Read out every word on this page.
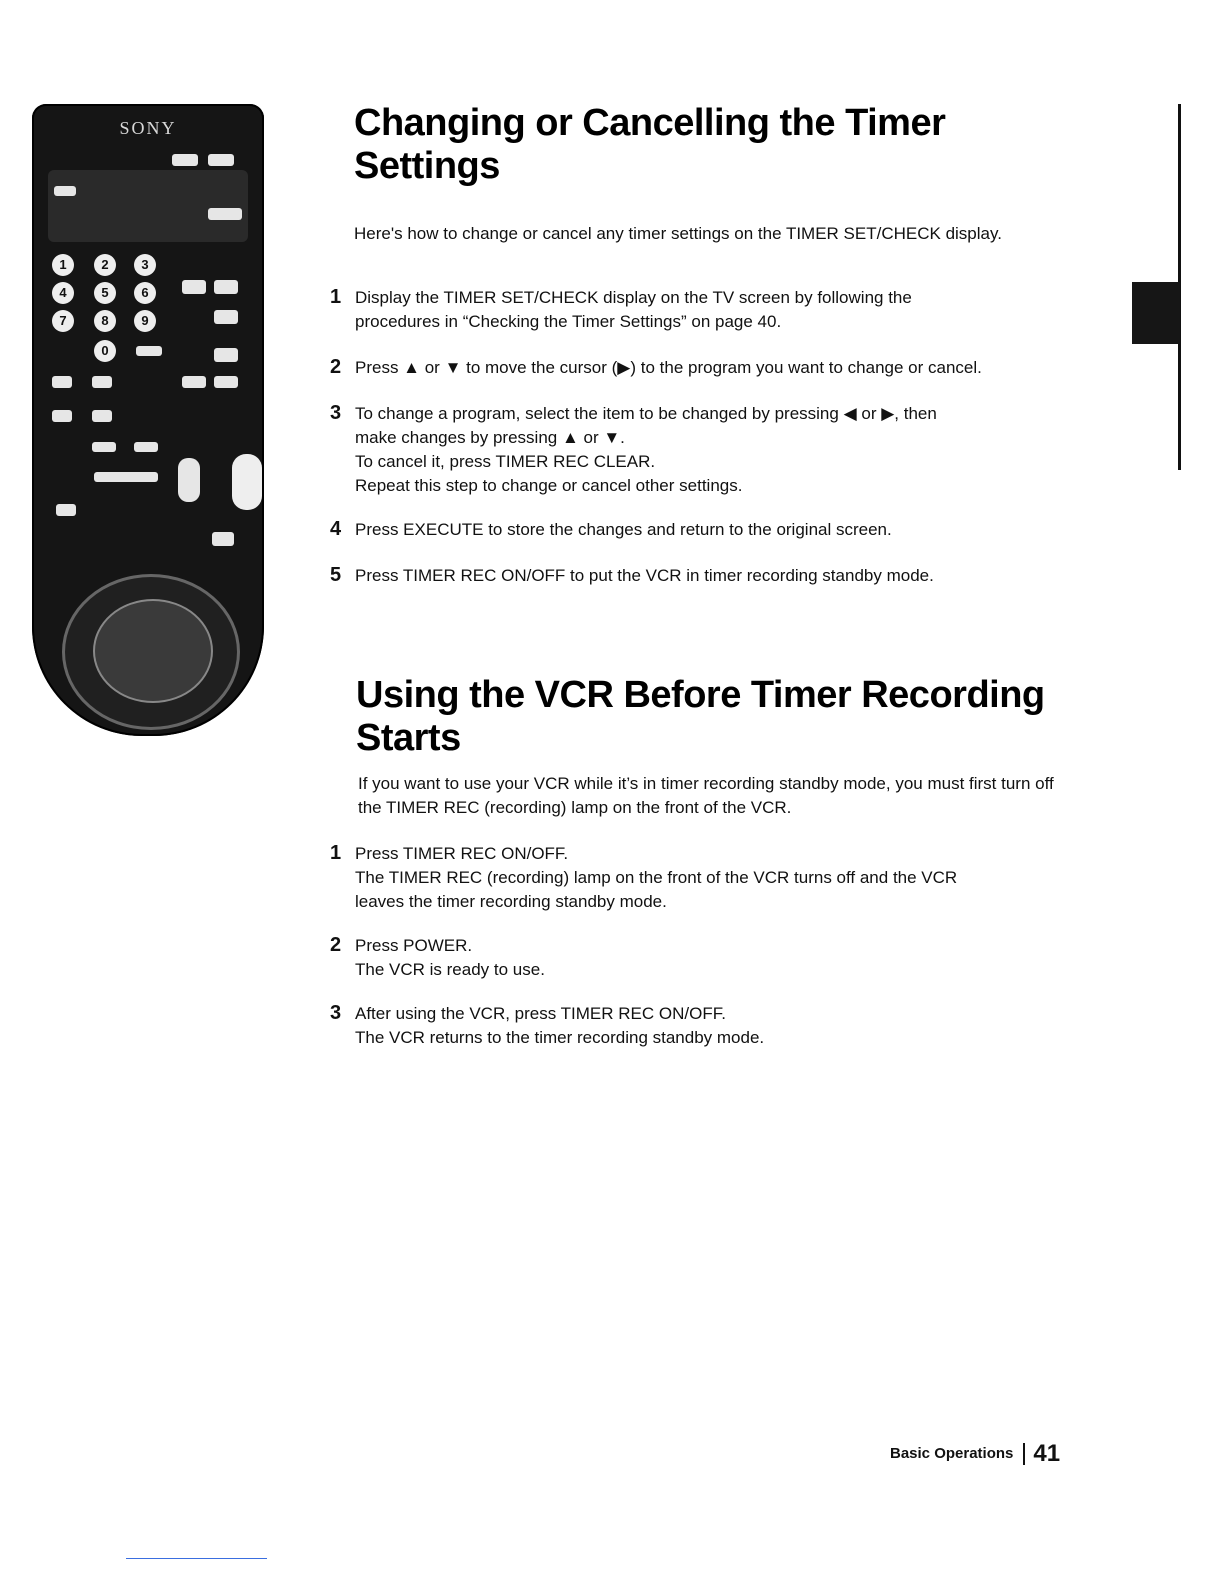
SONY
1	2	3
4	5	6
7	8	9
0
Changing or Cancelling the Timer
Settings

Here's how to change or cancel any timer settings on the TIMER SET/CHECK display.

1 Display the TIMER SET/CHECK display on the TV screen by following the
procedures in “Checking the Timer Settings” on page 40.
2 Press ▲ or ▼ to move the cursor (▶) to the program you want to change or cancel.
3 To change a program, select the item to be changed by pressing ◀ or ▶, then
make changes by pressing ▲ or ▼.
To cancel it, press TIMER REC CLEAR.
Repeat this step to change or cancel other settings.
4 Press EXECUTE to store the changes and return to the original screen.
5 Press TIMER REC ON/OFF to put the VCR in timer recording standby mode.
Using the VCR Before Timer Recording
Starts

If you want to use your VCR while it’s in timer recording standby mode, you must first turn off the TIMER REC (recording) lamp on the front of the VCR.

1 Press TIMER REC ON/OFF.
The TIMER REC (recording) lamp on the front of the VCR turns off and the VCR
leaves the timer recording standby mode.
2 Press POWER.
The VCR is ready to use.
3 After using the VCR, press TIMER REC ON/OFF.
The VCR returns to the timer recording standby mode.
Basic Operations 41
